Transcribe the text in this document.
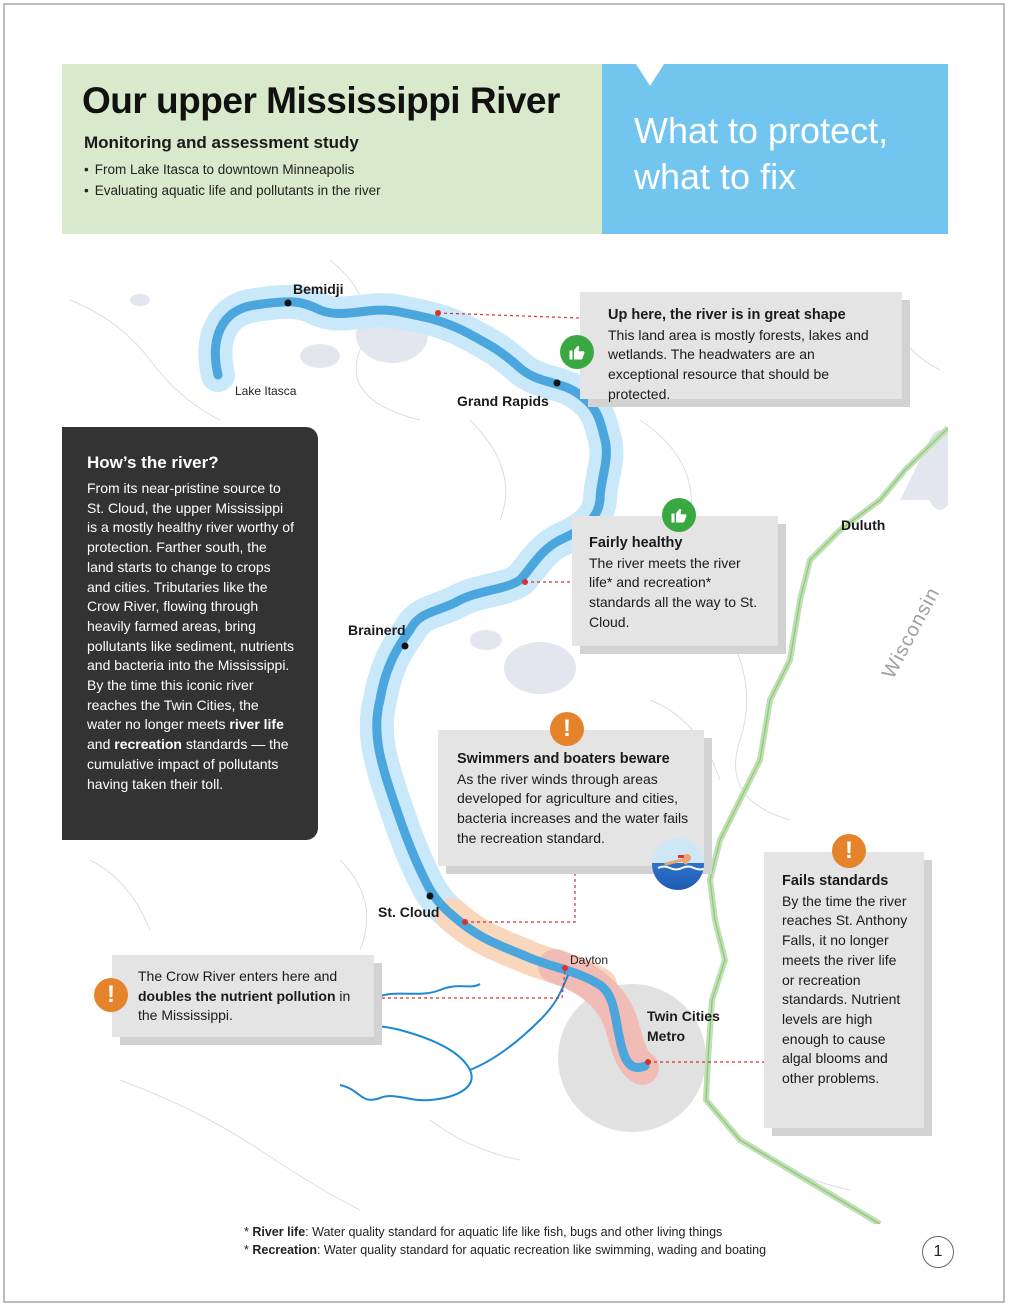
Our upper Mississippi River
Monitoring and assessment study
• From Lake Itasca to downtown Minneapolis
• Evaluating aquatic life and pollutants in the river
What to protect,
what to fix
Bemidji
Lake Itasca
Grand Rapids
Duluth
Brainerd
St. Cloud
Dayton
Twin Cities
Metro
Wisconsin
How’s the river?
From its near-pristine source to St. Cloud, the upper Mississippi is a mostly healthy river worthy of protection. Farther south, the land starts to change to crops and cities. Tributaries like the Crow River, flowing through heavily farmed areas, bring pollutants like sediment, nutrients and bacteria into the Mississippi. By the time this iconic river reaches the Twin Cities, the water no longer meets river life and recreation standards — the cumulative impact of pollutants having taken their toll.
Up here, the river is in great shape
This land area is mostly forests, lakes and wetlands. The headwaters are an exceptional resource that should be protected.
Fairly healthy
The river meets the river life* and recreation* standards all the way to St. Cloud.
Swimmers and boaters beware
As the river winds through areas developed for agriculture and cities, bacteria increases and the water fails the recreation standard.
!
Fails standards
By the time the river reaches St. Anthony Falls, it no longer meets the river life or recreation standards. Nutrient levels are high enough to cause algal blooms and other problems.
!
The Crow River enters here and doubles the nutrient pollution in the Mississippi.
!
* River life: Water quality standard for aquatic life like fish, bugs and other living things
* Recreation: Water quality standard for aquatic recreation like swimming, wading and boating	1
